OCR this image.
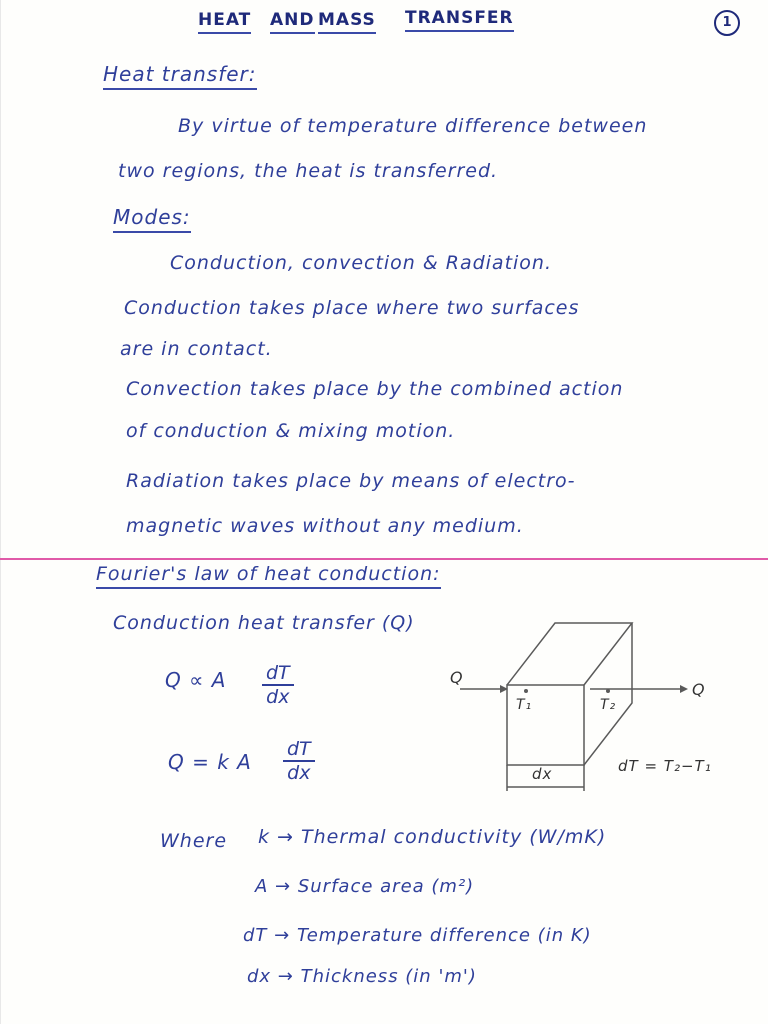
HEAT AND MASS TRANSFER	1
Heat transfer:
By virtue of temperature difference between
two regions, the heat is transferred.
Modes:
Conduction, convection & Radiation.
Conduction takes place where two surfaces
are in contact.
Convection takes place by the combined action
of conduction & mixing motion.
Radiation takes place by means of electro-
magnetic waves without any medium.
Fourier's law of heat conduction:
Conduction heat transfer (Q)
Q ∝ A $\frac{dT}{dx}$
Q = k A $\frac{dT}{dx}$
Q
Q
T₁	T₂
dx	dT = T₂−T₁
Where k → Thermal conductivity (W/mK)
A → Surface area (m²)
dT → Temperature difference (in K)
dx → Thickness (in 'm')
